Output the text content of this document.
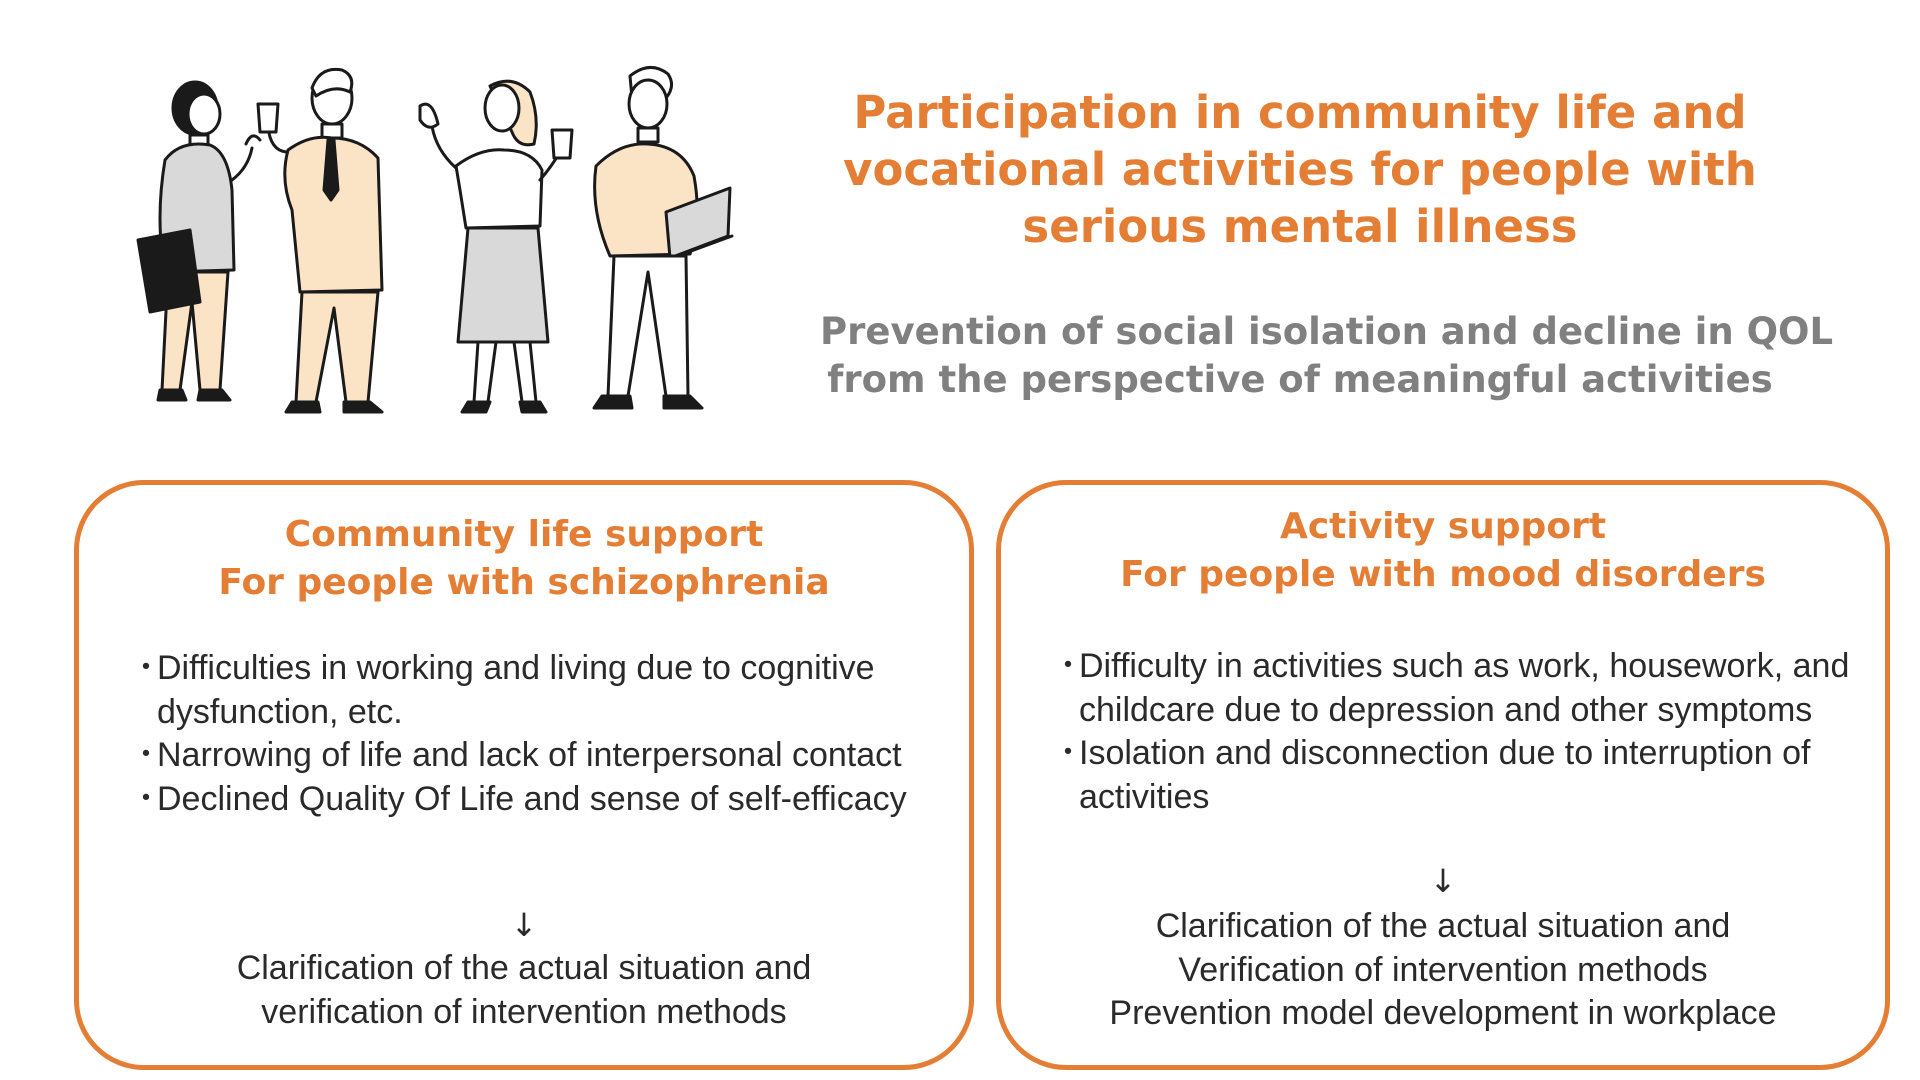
Participation in community life and
vocational activities for people with
serious mental illness
Prevention of social isolation and decline in QOL
from the perspective of meaningful activities
Community life support
For people with schizophrenia
・
Difficulties in working and living due to cognitive dysfunction, etc.
・
Narrowing of life and lack of interpersonal contact
・
Declined Quality Of Life and sense of self-efficacy
↓
Clarification of the actual situation and
verification of intervention methods
Activity support
For people with mood disorders
・
Difficulty in activities such as work, housework, and childcare due to depression and other symptoms
・
Isolation and disconnection due to interruption of activities
↓
Clarification of the actual situation and
Verification of intervention methods
Prevention model development in workplace
